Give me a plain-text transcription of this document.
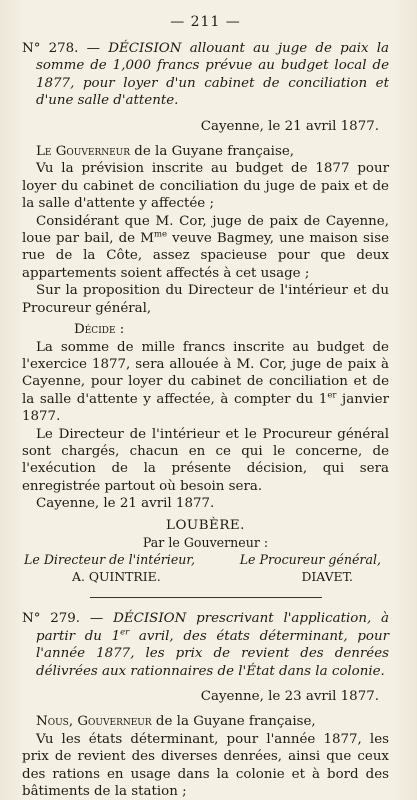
— 211 —

N° 278. — DÉCISION allouant au juge de paix la somme de 1,000 francs prévue au budget local de 1877, pour loyer d'un cabinet de conciliation et d'une salle d'attente.

Cayenne, le 21 avril 1877.

Le Gouverneur de la Guyane française,

Vu la prévision inscrite au budget de 1877 pour loyer du cabinet de conciliation du juge de paix et de la salle d'attente y affectée ;

Considérant que M. Cor, juge de paix de Cayenne, loue par bail, de $M^{me}$ veuve Bagmey, une maison sise rue de la Côte, assez spacieuse pour que deux appartements soient affectés à cet usage ;

Sur la proposition du Directeur de l'intérieur et du Procureur général,

Décide :

La somme de mille francs inscrite au budget de l'exercice 1877, sera allouée à M. Cor, juge de paix à Cayenne, pour loyer du cabinet de conciliation et de la salle d'attente y affectée, à compter du 1er janvier 1877.

Le Directeur de l'intérieur et le Procureur général sont chargés, chacun en ce qui le concerne, de l'exécution de la présente décision, qui sera enregistrée partout où besoin sera.

Cayenne, le 21 avril 1877.

LOUBÈRE.

Par le Gouverneur :

Le Directeur de l'intérieur,	Le Procureur général,
A. QUINTRIE.	DIAVET.

N° 279. — DÉCISION prescrivant l'application, à partir du 1er avril, des états déterminant, pour l'année 1877, les prix de revient des denrées délivrées aux rationnaires de l'État dans la colonie.

Cayenne, le 23 avril 1877.

Nous, Gouverneur de la Guyane française,

Vu les états déterminant, pour l'année 1877, les prix de revient des diverses denrées, ainsi que ceux des rations en usage dans la colonie et à bord des bâtiments de la station ;
